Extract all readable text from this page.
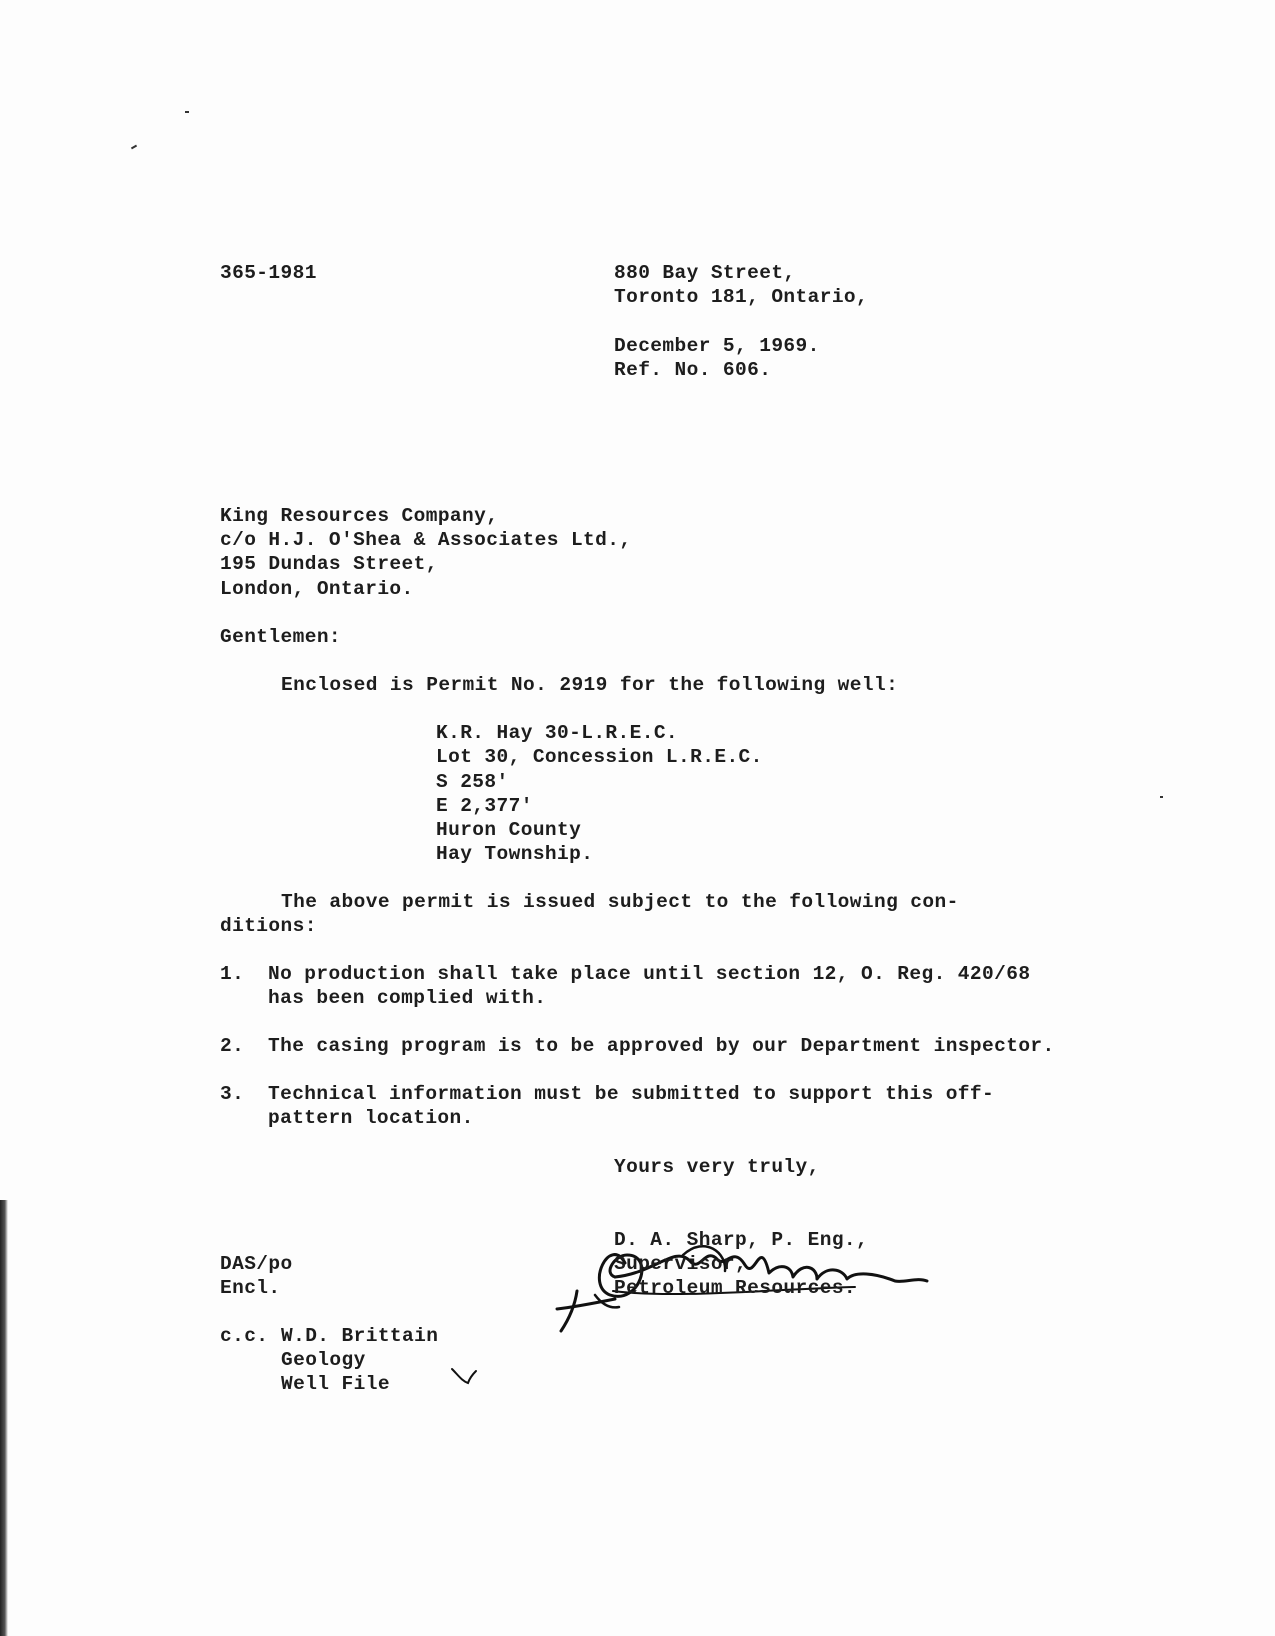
365-1981	880 Bay Street,
Toronto 181, Ontario,
December 5, 1969.
Ref. No. 606.
King Resources Company,
c/o H.J. O'Shea & Associates Ltd.,
195 Dundas Street,
London, Ontario.
Gentlemen:
Enclosed is Permit No. 2919 for the following well:
K.R. Hay 30-L.R.E.C.
Lot 30, Concession L.R.E.C.
S 258'
E 2,377'
Huron County
Hay Township.
The above permit is issued subject to the following con-
ditions:
1. No production shall take place until section 12, O. Reg. 420/68
has been complied with.
2. The casing program is to be approved by our Department inspector.
3. Technical information must be submitted to support this off-
pattern location.
Yours very truly,
D. A. Sharp, P. Eng.,
Supervisor,
Petroleum Resources.
DAS/po
Encl.
c.c. W.D. Brittain
Geology
Well File
